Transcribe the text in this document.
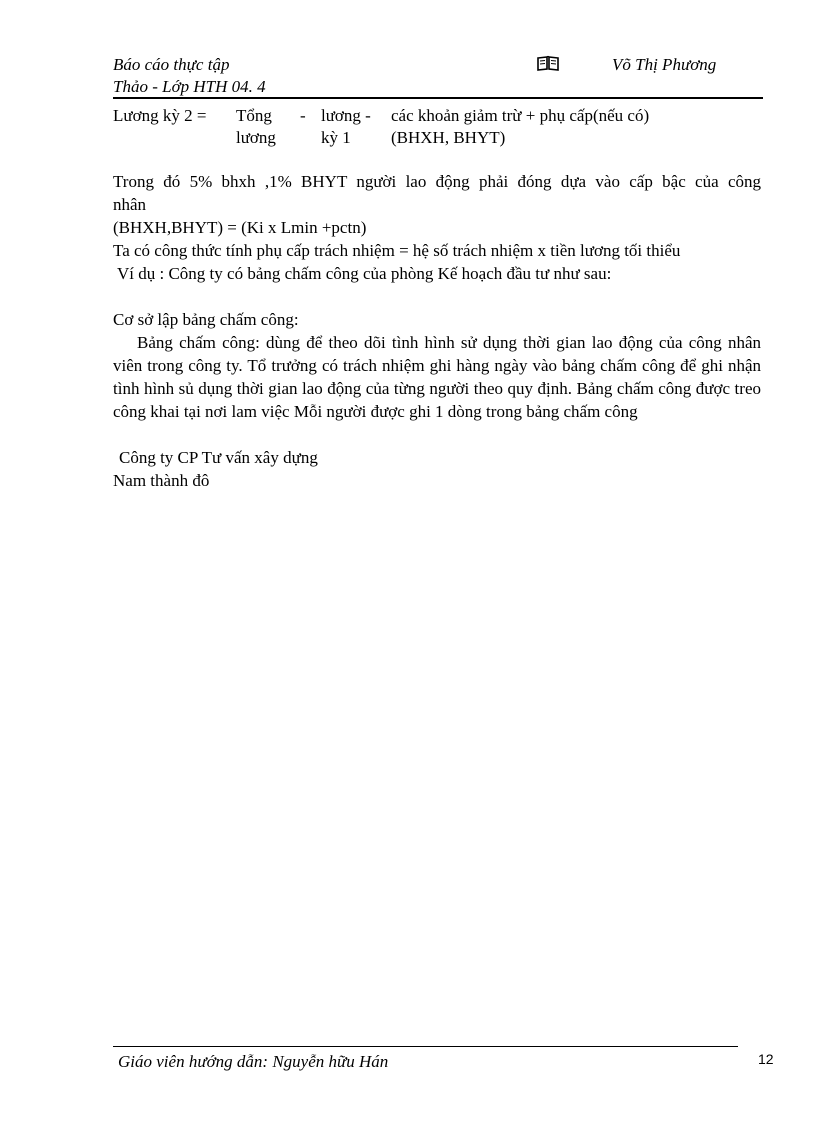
Báo cáo thực tập
Thảo - Lớp HTH 04. 4
Võ Thị Phương
Lương kỳ 2 = Tổng
lương
- lương -
kỳ 1
các khoản giảm trừ + phụ cấp(nếu có)
(BHXH, BHYT)

Trong đó 5% bhxh ,1% BHYT người lao động phải đóng dựa vào cấp bậc của công

nhân

(BHXH,BHYT) = (Ki x Lmin +pctn)

Ta có công thức tính phụ cấp trách nhiệm = hệ số trách nhiệm x tiền lương tối thiểu

Ví dụ : Công ty có bảng chấm công của phòng Kế hoạch đầu tư như sau:

Cơ sở lập bảng chấm công:

Bảng chấm công: dùng để theo dõi tình hình sử dụng thời gian lao động của công nhân viên trong công ty. Tổ trưởng có trách nhiệm ghi hàng ngày vào bảng chấm công để ghi nhận tình hình sủ dụng thời gian lao động của từng người theo quy định. Bảng chấm công được treo công khai tại nơi lam việc Mỗi người được ghi 1 dòng trong bảng chấm công

Công ty CP Tư vấn xây dựng

Nam thành đô

Giáo viên hướng dẫn: Nguyễn hữu Hán	12
